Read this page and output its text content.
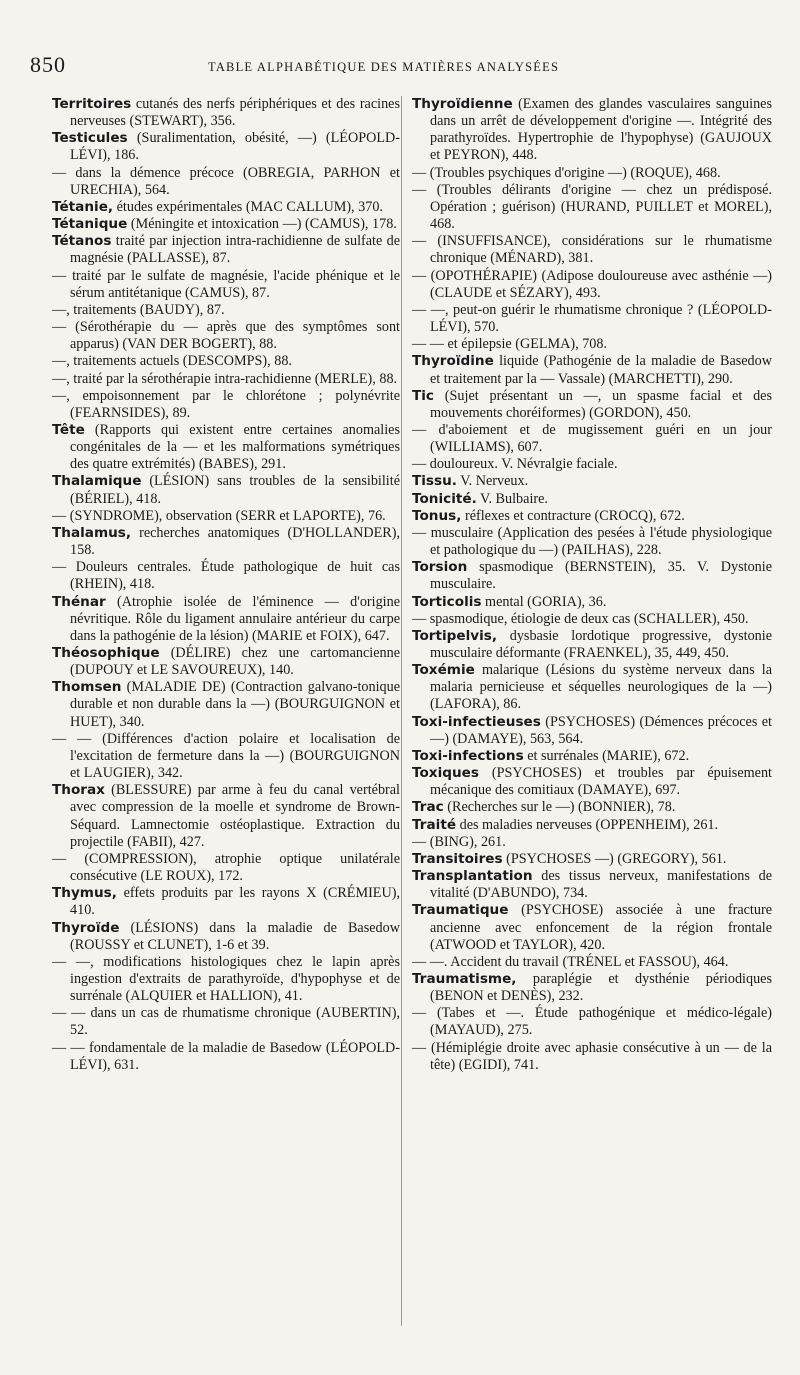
850	TABLE ALPHABÉTIQUE DES MATIÈRES ANALYSÉES

Territoires cutanés des nerfs périphériques et des racines nerveuses (STEWART), 356.

Testicules (Suralimentation, obésité, —) (LÉOPOLD-LÉVI), 186.

— dans la démence précoce (OBREGIA, PARHON et URECHIA), 564.

Tétanie, études expérimentales (MAC CALLUM), 370.

Tétanique (Méningite et intoxication —) (CAMUS), 178.

Tétanos traité par injection intra-rachidienne de sulfate de magnésie (PALLASSE), 87.

— traité par le sulfate de magnésie, l'acide phénique et le sérum antitétanique (CAMUS), 87.

—, traitements (BAUDY), 87.

— (Sérothérapie du — après que des symptômes sont apparus) (VAN DER BOGERT), 88.

—, traitements actuels (DESCOMPS), 88.

—, traité par la sérothérapie intra-rachidienne (MERLE), 88.

—, empoisonnement par le chlorétone ; polynévrite (FEARNSIDES), 89.

Tête (Rapports qui existent entre certaines anomalies congénitales de la — et les malformations symétriques des quatre extrémités) (BABES), 291.

Thalamique (LÉSION) sans troubles de la sensibilité (BÉRIEL), 418.

— (SYNDROME), observation (SERR et LAPORTE), 76.

Thalamus, recherches anatomiques (D'HOLLANDER), 158.

— Douleurs centrales. Étude pathologique de huit cas (RHEIN), 418.

Thénar (Atrophie isolée de l'éminence — d'origine névritique. Rôle du ligament annulaire antérieur du carpe dans la pathogénie de la lésion) (MARIE et FOIX), 647.

Théosophique (DÉLIRE) chez une cartomancienne (DUPOUY et LE SAVOUREUX), 140.

Thomsen (MALADIE DE) (Contraction galvano-tonique durable et non durable dans la —) (BOURGUIGNON et HUET), 340.

— — (Différences d'action polaire et localisation de l'excitation de fermeture dans la —) (BOURGUIGNON et LAUGIER), 342.

Thorax (BLESSURE) par arme à feu du canal vertébral avec compression de la moelle et syndrome de Brown-Séquard. Lamnectomie ostéoplastique. Extraction du projectile (FABII), 427.

— (COMPRESSION), atrophie optique unilatérale consécutive (LE ROUX), 172.

Thymus, effets produits par les rayons X (CRÉMIEU), 410.

Thyroïde (LÉSIONS) dans la maladie de Basedow (ROUSSY et CLUNET), 1-6 et 39.

— —, modifications histologiques chez le lapin après ingestion d'extraits de parathyroïde, d'hypophyse et de surrénale (ALQUIER et HALLION), 41.

— — dans un cas de rhumatisme chronique (AUBERTIN), 52.

— — fondamentale de la maladie de Basedow (LÉOPOLD-LÉVI), 631.

Thyroïdienne (Examen des glandes vasculaires sanguines dans un arrêt de développement d'origine —. Intégrité des parathyroïdes. Hypertrophie de l'hypophyse) (GAUJOUX et PEYRON), 448.

— (Troubles psychiques d'origine —) (ROQUE), 468.

— (Troubles délirants d'origine — chez un prédisposé. Opération ; guérison) (HURAND, PUILLET et MOREL), 468.

— (INSUFFISANCE), considérations sur le rhumatisme chronique (MÉNARD), 381.

— (OPOTHÉRAPIE) (Adipose douloureuse avec asthénie —) (CLAUDE et SÉZARY), 493.

— —, peut-on guérir le rhumatisme chronique ? (LÉOPOLD-LÉVI), 570.

— — et épilepsie (GELMA), 708.

Thyroïdine liquide (Pathogénie de la maladie de Basedow et traitement par la — Vassale) (MARCHETTI), 290.

Tic (Sujet présentant un —, un spasme facial et des mouvements choréiformes) (GORDON), 450.

— d'aboiement et de mugissement guéri en un jour (WILLIAMS), 607.

— douloureux. V. Névralgie faciale.

Tissu. V. Nerveux.

Tonicité. V. Bulbaire.

Tonus, réflexes et contracture (CROCQ), 672.

— musculaire (Application des pesées à l'étude physiologique et pathologique du —) (PAILHAS), 228.

Torsion spasmodique (BERNSTEIN), 35. V. Dystonie musculaire.

Torticolis mental (GORIA), 36.

— spasmodique, étiologie de deux cas (SCHALLER), 450.

Tortipelvis, dysbasie lordotique progressive, dystonie musculaire déformante (FRAENKEL), 35, 449, 450.

Toxémie malarique (Lésions du système nerveux dans la malaria pernicieuse et séquelles neurologiques de la —) (LAFORA), 86.

Toxi-infectieuses (PSYCHOSES) (Démences précoces et —) (DAMAYE), 563, 564.

Toxi-infections et surrénales (MARIE), 672.

Toxiques (PSYCHOSES) et troubles par épuisement mécanique des comitiaux (DAMAYE), 697.

Trac (Recherches sur le —) (BONNIER), 78.

Traité des maladies nerveuses (OPPENHEIM), 261.

— (BING), 261.

Transitoires (PSYCHOSES —) (GREGORY), 561.

Transplantation des tissus nerveux, manifestations de vitalité (D'ABUNDO), 734.

Traumatique (PSYCHOSE) associée à une fracture ancienne avec enfoncement de la région frontale (ATWOOD et TAYLOR), 420.

— —. Accident du travail (TRÉNEL et FASSOU), 464.

Traumatisme, paraplégie et dysthénie périodiques (BENON et DENÈS), 232.

— (Tabes et —. Étude pathogénique et médico-légale) (MAYAUD), 275.

— (Hémiplégie droite avec aphasie consécutive à un — de la tête) (EGIDI), 741.
